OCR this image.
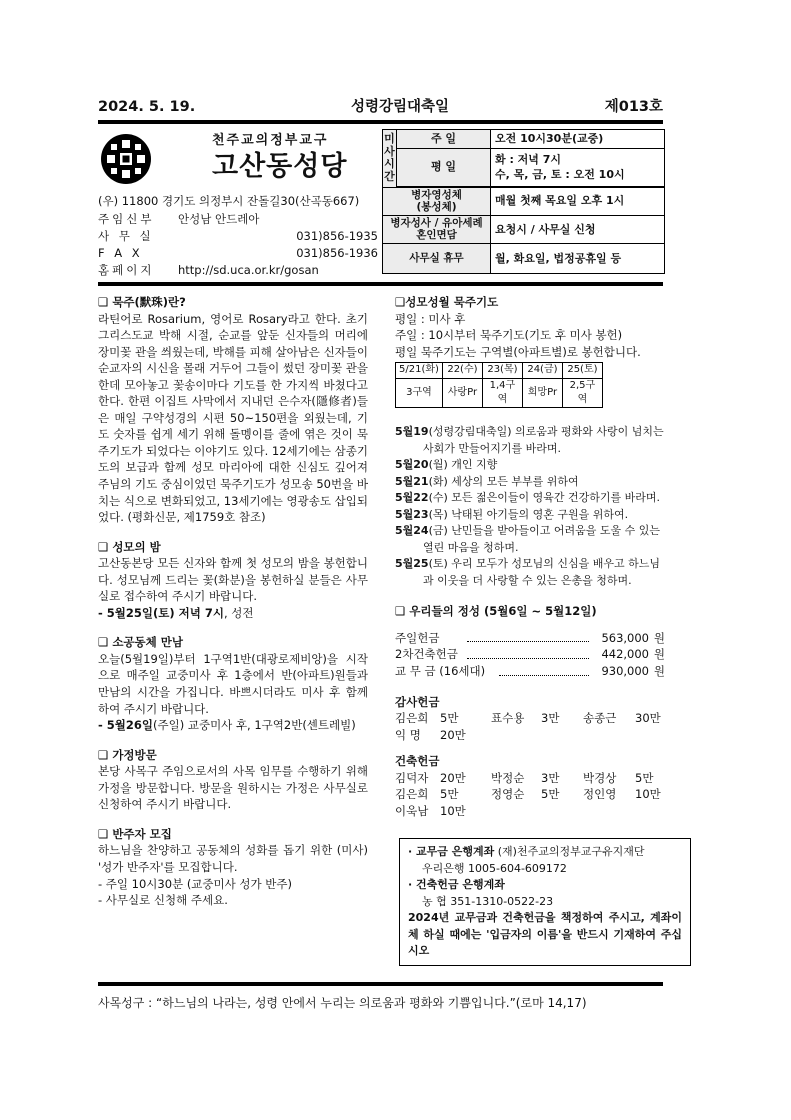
2024. 5. 19.	성령강림대축일	제013호
천주교의정부교구
고산동성당
(우) 11800 경기도 의정부시 잔돌길30(산곡동667)
주임신부 안성남 안드레아
사 무 실	031)856-1935
F A X	031)856-1936
홈페이지 http://sd.uca.or.kr/gosan
미
사
시
간	주 일	오전 10시30분(교중)
	평 일	화 : 저녁 7시
수, 목, 금, 토 : 오전 10시

병자영성체
(봉성체)		매월 첫째 목요일 오후 1시
병자성사 / 유아세례
혼인면담		요청시 / 사무실 신청
사무실 휴무		월, 화요일, 법정공휴일 등
❑ 묵주(默珠)란?
라틴어로 Rosarium, 영어로 Rosary라고 한다. 초기 그리스도교 박해 시절, 순교를 앞둔 신자들의 머리에 장미꽃 관을 씌웠는데, 박해를 피해 살아남은 신자들이 순교자의 시신을 몰래 거두어 그들이 썼던 장미꽃 관을 한데 모아놓고 꽃송이마다 기도를 한 가지씩 바쳤다고 한다. 한편 이집트 사막에서 지내던 은수자(隱修者)들은 매일 구약성경의 시편 50~150편을 외웠는데, 기도 숫자를 쉽게 세기 위해 돌멩이를 줄에 엮은 것이 묵주기도가 되었다는 이야기도 있다. 12세기에는 삼종기도의 보급과 함께 성모 마리아에 대한 신심도 깊어져 주님의 기도 중심이었던 묵주기도가 성모송 50번을 바치는 식으로 변화되었고, 13세기에는 영광송도 삽입되었다. (평화신문, 제1759호 참조)
❑ 성모의 밤
고산동본당 모든 신자와 함께 첫 성모의 밤을 봉헌합니다. 성모님께 드리는 꽃(화분)을 봉헌하실 분들은 사무실로 접수하여 주시기 바랍니다.
- 5월25일(토) 저녁 7시, 성전
❑ 소공동체 만남
오늘(5월19일)부터 1구역1반(대광로제비앙)을 시작으로 매주일 교중미사 후 1층에서 반(아파트)원들과 만남의 시간을 가집니다. 바쁘시더라도 미사 후 함께 하여 주시기 바랍니다.
- 5월26일(주일) 교중미사 후, 1구역2반(센트레빌)
❑ 가정방문
본당 사목구 주임으로서의 사목 임무를 수행하기 위해 가정을 방문합니다. 방문을 원하시는 가정은 사무실로 신청하여 주시기 바랍니다.
❑ 반주자 모집
하느님을 찬양하고 공동체의 성화를 돕기 위한 (미사) '성가 반주자'를 모집합니다.
- 주일 10시30분 (교중미사 성가 반주)
- 사무실로 신청해 주세요.
❑성모성월 묵주기도
평일 : 미사 후
주일 : 10시부터 묵주기도(기도 후 미사 봉헌)
평일 묵주기도는 구역별(아파트별)로 봉헌합니다.
5/21(화)	22(수)	23(목)	24(금)	25(토)
3구역	사랑Pr	1,4구역	희망Pr	2,5구역
5월19(성령강림대축일) 의로움과 평화와 사랑이 넘치는 사회가 만들어지기를 바라며.
5월20(월) 개인 지향
5월21(화) 세상의 모든 부부를 위하여
5월22(수) 모든 젊은이들이 영육간 건강하기를 바라며.
5월23(목) 낙태된 아기들의 영혼 구원을 위하여.
5월24(금) 난민들을 받아들이고 어려움을 도울 수 있는 열린 마음을 청하며.
5월25(토) 우리 모두가 성모님의 신심을 배우고 하느님과 이웃을 더 사랑할 수 있는 은총을 청하며.
❑ 우리들의 정성 (5월6일 ~ 5월12일)
주일헌금	563,000 원
2차건축헌금	442,000 원
교 무 금 (16세대)	930,000 원
감사헌금
김은희	5만	표수용	3만	송종근	30만
익 명	20만
건축헌금
김덕자	20만	박정순	3만	박경상	5만
김은희	5만	정영순	5만	정인영	10만
이욱남	10만
· 교무금 은행계좌 (재)천주교의정부교구유지재단
우리은행 1005-604-609172
· 건축헌금 은행계좌
농 협 351-1310-0522-23
2024년 교무금과 건축헌금을 책정하여 주시고, 계좌이체 하실 때에는 '입금자의 이름'을 반드시 기재하여 주십시오
사목성구 : “하느님의 나라는, 성령 안에서 누리는 의로움과 평화와 기쁨입니다.”(로마 14,17)
